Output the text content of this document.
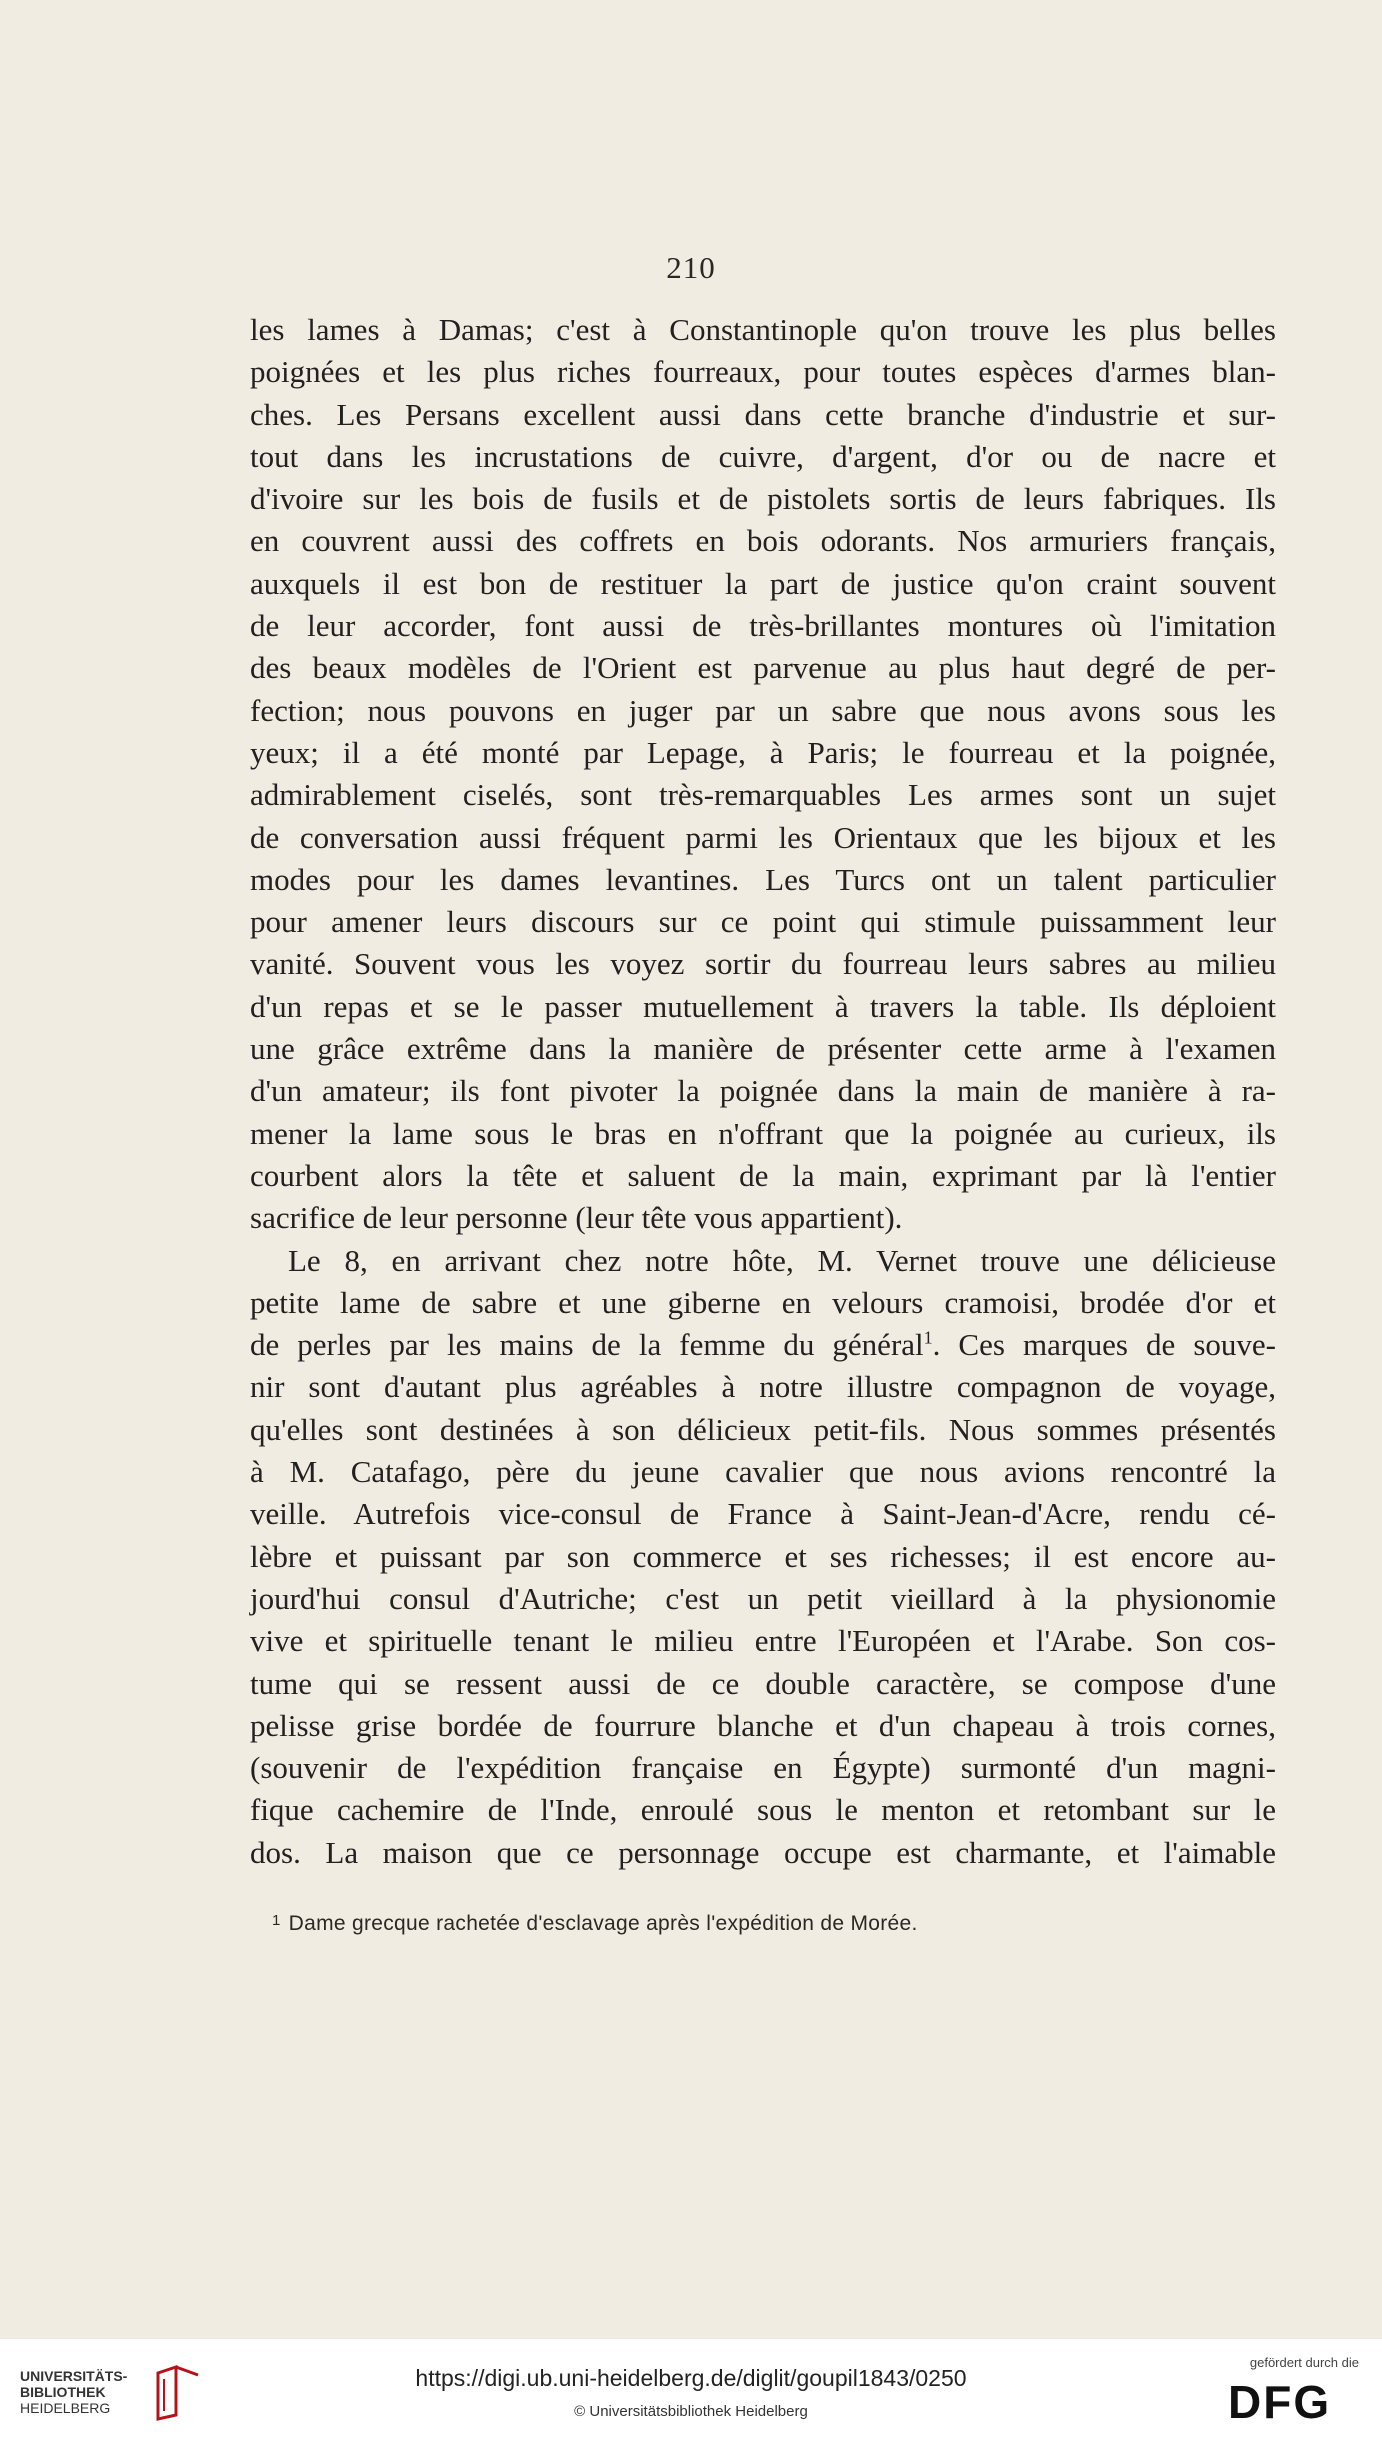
210
les lames à Damas; c'est à Constantinople qu'on trouve les plus belles
poignées et les plus riches fourreaux, pour toutes espèces d'armes blan-
ches. Les Persans excellent aussi dans cette branche d'industrie et sur-
tout dans les incrustations de cuivre, d'argent, d'or ou de nacre et
d'ivoire sur les bois de fusils et de pistolets sortis de leurs fabriques. Ils
en couvrent aussi des coffrets en bois odorants. Nos armuriers français,
auxquels il est bon de restituer la part de justice qu'on craint souvent
de leur accorder, font aussi de très-brillantes montures où l'imitation
des beaux modèles de l'Orient est parvenue au plus haut degré de per-
fection; nous pouvons en juger par un sabre que nous avons sous les
yeux; il a été monté par Lepage, à Paris; le fourreau et la poignée,
admirablement ciselés, sont très-remarquables Les armes sont un sujet
de conversation aussi fréquent parmi les Orientaux que les bijoux et les
modes pour les dames levantines. Les Turcs ont un talent particulier
pour amener leurs discours sur ce point qui stimule puissamment leur
vanité. Souvent vous les voyez sortir du fourreau leurs sabres au milieu
d'un repas et se le passer mutuellement à travers la table. Ils déploient
une grâce extrême dans la manière de présenter cette arme à l'examen
d'un amateur; ils font pivoter la poignée dans la main de manière à ra-
mener la lame sous le bras en n'offrant que la poignée au curieux, ils
courbent alors la tête et saluent de la main, exprimant par là l'entier
sacrifice de leur personne (leur tête vous appartient).
Le 8, en arrivant chez notre hôte, M. Vernet trouve une délicieuse
petite lame de sabre et une giberne en velours cramoisi, brodée d'or et
de perles par les mains de la femme du général$^1$. Ces marques de souve-
nir sont d'autant plus agréables à notre illustre compagnon de voyage,
qu'elles sont destinées à son délicieux petit-fils. Nous sommes présentés
à M. Catafago, père du jeune cavalier que nous avions rencontré la
veille. Autrefois vice-consul de France à Saint-Jean-d'Acre, rendu cé-
lèbre et puissant par son commerce et ses richesses; il est encore au-
jourd'hui consul d'Autriche; c'est un petit vieillard à la physionomie
vive et spirituelle tenant le milieu entre l'Européen et l'Arabe. Son cos-
tume qui se ressent aussi de ce double caractère, se compose d'une
pelisse grise bordée de fourrure blanche et d'un chapeau à trois cornes,
(souvenir de l'expédition française en Égypte) surmonté d'un magni-
fique cachemire de l'Inde, enroulé sous le menton et retombant sur le
dos. La maison que ce personnage occupe est charmante, et l'aimable
$^1$ Dame grecque rachetée d'esclavage après l'expédition de Morée.
UNIVERSITÄTS-
BIBLIOTHEK
HEIDELBERG
https://digi.ub.uni-heidelberg.de/diglit/goupil1843/0250
© Universitätsbibliothek Heidelberg
gefördert durch die
DFG
